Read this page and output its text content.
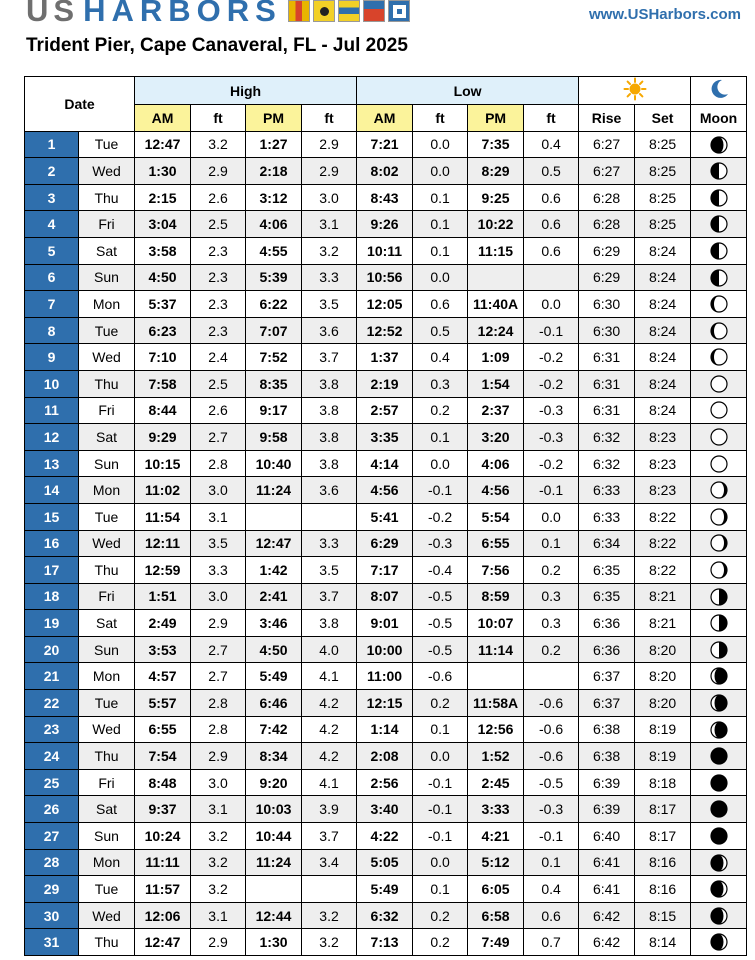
US HARBORS	www.USHarbors.com
Trident Pier, Cape Canaveral, FL - Jul 2025
Date		High				Low		
		AM	ft	PM	ft	AM	ft	PM	ft	Rise	Set	Moon
1	Tue	12:47	3.2	1:27	2.9	7:21	0.0	7:35	0.4	6:27	8:25	
2	Wed	1:30	2.9	2:18	2.9	8:02	0.0	8:29	0.5	6:27	8:25	
3	Thu	2:15	2.6	3:12	3.0	8:43	0.1	9:25	0.6	6:28	8:25	
4	Fri	3:04	2.5	4:06	3.1	9:26	0.1	10:22	0.6	6:28	8:25	
5	Sat	3:58	2.3	4:55	3.2	10:11	0.1	11:15	0.6	6:29	8:24	
6	Sun	4:50	2.3	5:39	3.3	10:56	0.0			6:29	8:24	
7	Mon	5:37	2.3	6:22	3.5	12:05	0.6	11:40A	0.0	6:30	8:24	
8	Tue	6:23	2.3	7:07	3.6	12:52	0.5	12:24	-0.1	6:30	8:24	
9	Wed	7:10	2.4	7:52	3.7	1:37	0.4	1:09	-0.2	6:31	8:24	
10	Thu	7:58	2.5	8:35	3.8	2:19	0.3	1:54	-0.2	6:31	8:24	
11	Fri	8:44	2.6	9:17	3.8	2:57	0.2	2:37	-0.3	6:31	8:24	
12	Sat	9:29	2.7	9:58	3.8	3:35	0.1	3:20	-0.3	6:32	8:23	
13	Sun	10:15	2.8	10:40	3.8	4:14	0.0	4:06	-0.2	6:32	8:23	
14	Mon	11:02	3.0	11:24	3.6	4:56	-0.1	4:56	-0.1	6:33	8:23	
15	Tue	11:54	3.1			5:41	-0.2	5:54	0.0	6:33	8:22	
16	Wed	12:11	3.5	12:47	3.3	6:29	-0.3	6:55	0.1	6:34	8:22	
17	Thu	12:59	3.3	1:42	3.5	7:17	-0.4	7:56	0.2	6:35	8:22	
18	Fri	1:51	3.0	2:41	3.7	8:07	-0.5	8:59	0.3	6:35	8:21	
19	Sat	2:49	2.9	3:46	3.8	9:01	-0.5	10:07	0.3	6:36	8:21	
20	Sun	3:53	2.7	4:50	4.0	10:00	-0.5	11:14	0.2	6:36	8:20	
21	Mon	4:57	2.7	5:49	4.1	11:00	-0.6			6:37	8:20	
22	Tue	5:57	2.8	6:46	4.2	12:15	0.2	11:58A	-0.6	6:37	8:20	
23	Wed	6:55	2.8	7:42	4.2	1:14	0.1	12:56	-0.6	6:38	8:19	
24	Thu	7:54	2.9	8:34	4.2	2:08	0.0	1:52	-0.6	6:38	8:19	
25	Fri	8:48	3.0	9:20	4.1	2:56	-0.1	2:45	-0.5	6:39	8:18	
26	Sat	9:37	3.1	10:03	3.9	3:40	-0.1	3:33	-0.3	6:39	8:17	
27	Sun	10:24	3.2	10:44	3.7	4:22	-0.1	4:21	-0.1	6:40	8:17	
28	Mon	11:11	3.2	11:24	3.4	5:05	0.0	5:12	0.1	6:41	8:16	
29	Tue	11:57	3.2			5:49	0.1	6:05	0.4	6:41	8:16	
30	Wed	12:06	3.1	12:44	3.2	6:32	0.2	6:58	0.6	6:42	8:15	
31	Thu	12:47	2.9	1:30	3.2	7:13	0.2	7:49	0.7	6:42	8:14	
